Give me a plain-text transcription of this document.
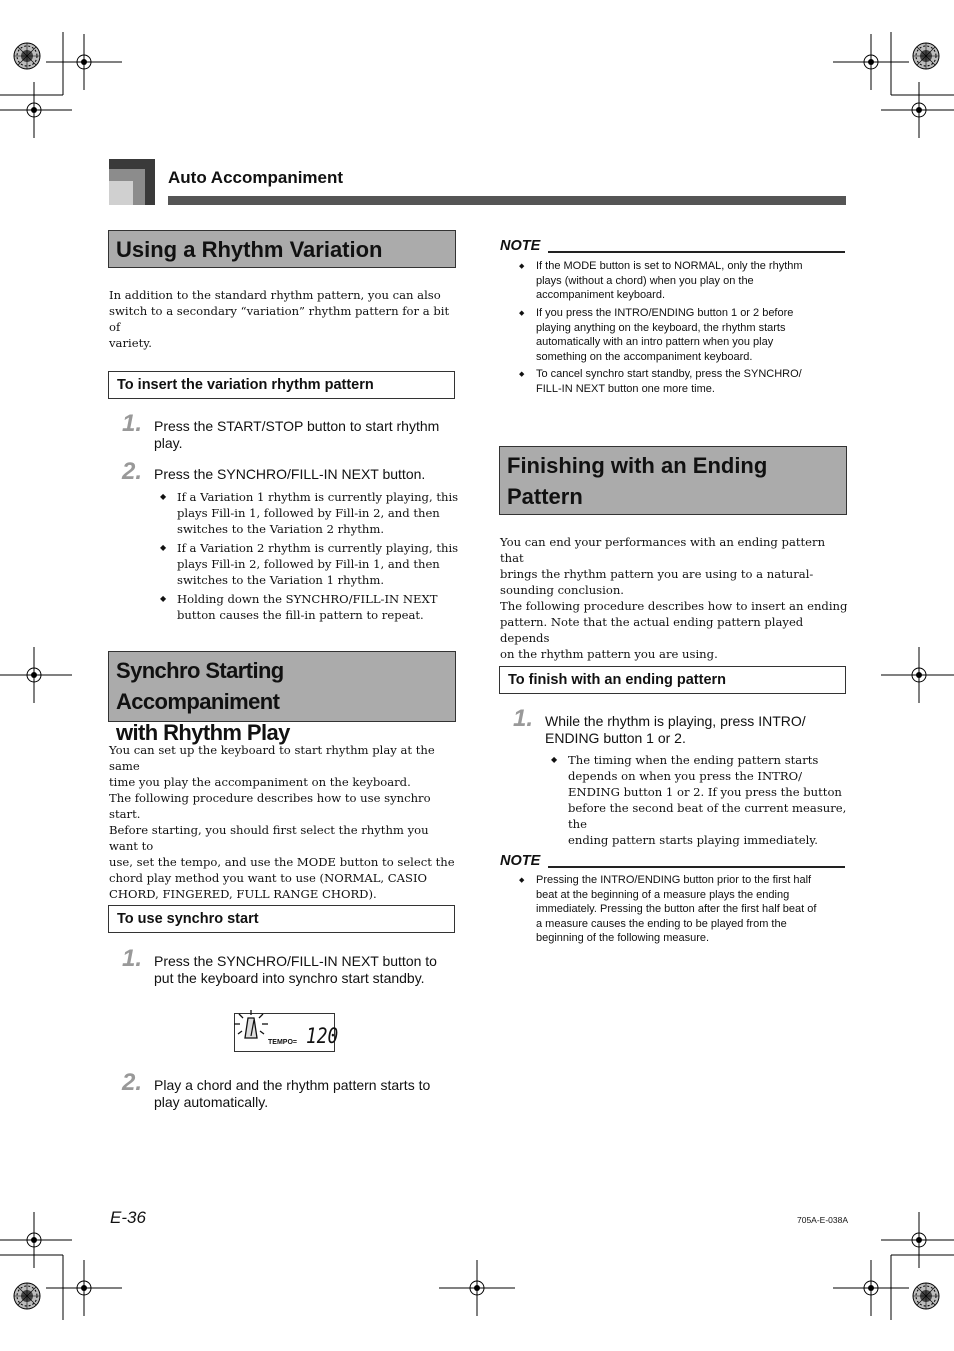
Auto Accompaniment
Using a Rhythm Variation
In addition to the standard rhythm pattern, you can also
switch to a secondary “variation” rhythm pattern for a bit of
variety.
To insert the variation rhythm pattern
1. Press the START/STOP button to start rhythm
play.
2. Press the SYNCHRO/FILL-IN NEXT button.
◆ If a Variation 1 rhythm is currently playing, this
plays Fill-in 1, followed by Fill-in 2, and then
switches to the Variation 2 rhythm.
◆ If a Variation 2 rhythm is currently playing, this
plays Fill-in 2, followed by Fill-in 1, and then
switches to the Variation 1 rhythm.
◆ Holding down the SYNCHRO/FILL-IN NEXT
button causes the fill-in pattern to repeat.
Synchro Starting Accompaniment
with Rhythm Play
You can set up the keyboard to start rhythm play at the same
time you play the accompaniment on the keyboard.
The following procedure describes how to use synchro start.
Before starting, you should first select the rhythm you want to
use, set the tempo, and use the MODE button to select the
chord play method you want to use (NORMAL, CASIO
CHORD, FINGERED, FULL RANGE CHORD).
To use synchro start
1. Press the SYNCHRO/FILL-IN NEXT button to
put the keyboard into synchro start standby.
TEMPO= 120
2. Play a chord and the rhythm pattern starts to
play automatically.
NOTE
◆ If the MODE button is set to NORMAL, only the rhythm
plays (without a chord) when you play on the
accompaniment keyboard.
◆ If you press the INTRO/ENDING button 1 or 2 before
playing anything on the keyboard, the rhythm starts
automatically with an intro pattern when you play
something on the accompaniment keyboard.
◆ To cancel synchro start standby, press the SYNCHRO/
FILL-IN NEXT button one more time.
Finishing with an Ending
Pattern
You can end your performances with an ending pattern that
brings the rhythm pattern you are using to a natural-
sounding conclusion.
The following procedure describes how to insert an ending
pattern. Note that the actual ending pattern played depends
on the rhythm pattern you are using.
To finish with an ending pattern
1. While the rhythm is playing, press INTRO/
ENDING button 1 or 2.
◆ The timing when the ending pattern starts
depends on when you press the INTRO/
ENDING button 1 or 2. If you press the button
before the second beat of the current measure, the
ending pattern starts playing immediately.
NOTE
◆ Pressing the INTRO/ENDING button prior to the first half
beat at the beginning of a measure plays the ending
immediately. Pressing the button after the first half beat of
a measure causes the ending to be played from the
beginning of the following measure.
E-36	705A-E-038A
